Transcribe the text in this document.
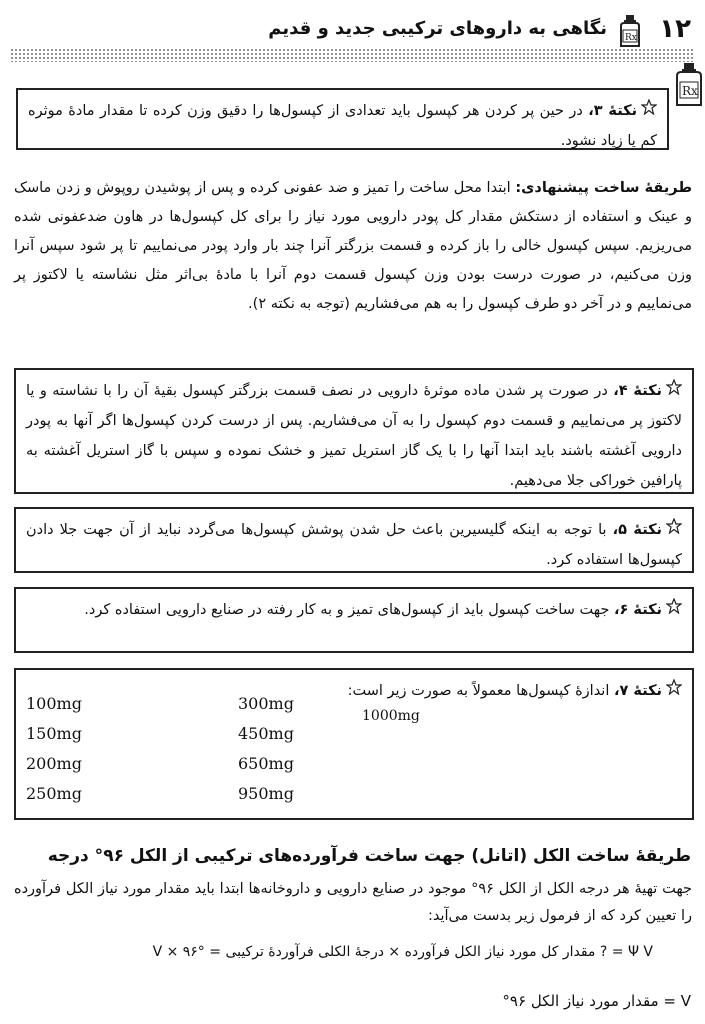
۱۲
Rx
نگاهی به داروهای ترکیبی جدید و قدیم
Rx
نکتۀ ۳، در حین پر کردن هر کپسول باید تعدادی از کپسول‌ها را دقیق وزن کرده تا مقدار مادۀ موثره کم یا زیاد نشود.
طریقۀ ساخت پیشنهادی: ابتدا محل ساخت را تمیز و ضد عفونی کرده و پس از پوشیدن روپوش و زدن ماسک و عینک و استفاده از دستکش مقدار کل پودر دارویی مورد نیاز را برای کل کپسول‌ها در هاون ضدعفونی شده می‌ریزیم. سپس کپسول خالی را باز کرده و قسمت بزرگتر آنرا چند بار وارد پودر می‌نماییم تا پر شود سپس آنرا وزن می‌کنیم، در صورت درست بودن وزن کپسول قسمت دوم آنرا با مادۀ بی‌اثر مثل نشاسته یا لاکتوز پر می‌نماییم و در آخر دو طرف کپسول را به هم می‌فشاریم (توجه به نکته ۲).
نکتۀ ۴، در صورت پر شدن ماده موثرۀ دارویی در نصف قسمت بزرگتر کپسول بقیۀ آن را با نشاسته و یا لاکتوز پر می‌نماییم و قسمت دوم کپسول را به آن می‌فشاریم. پس از درست کردن کپسول‌ها اگر آنها به پودر دارویی آغشته باشند باید ابتدا آنها را با یک گاز استریل تمیز و خشک نموده و سپس با گاز استریل آغشته به پارافین خوراکی جلا می‌دهیم.
نکتۀ ۵، با توجه به اینکه گلیسیرین باعث حل شدن پوشش کپسول‌ها می‌گردد نباید از آن جهت جلا دادن کپسول‌ها استفاده کرد.
نکتۀ ۶، جهت ساخت کپسول باید از کپسول‌های تمیز و به کار رفته در صنایع دارویی استفاده کرد.
نکتۀ ۷، اندازۀ کپسول‌ها معمولاً به صورت زیر است:
100mg
150mg
200mg
250mg
300mg
450mg
650mg
950mg
1000mg
طریقۀ ساخت الکل (اتانل) جهت ساخت فرآورده‌های ترکیبی از الکل ۹۶° درجه
جهت تهیۀ هر درجه الکل از الکل ۹۶° موجود در صنایع دارویی و داروخانه‌ها ابتدا باید مقدار مورد نیاز الکل فرآورده را تعیین کرد که از فرمول زیر بدست می‌آید:
Ψ V = ? مقدار کل مورد نیاز الکل فرآورده × درجۀ الکلی فرآوردۀ ترکیبی = V × ۹۶°
V = مقدار مورد نیاز الکل ۹۶°
